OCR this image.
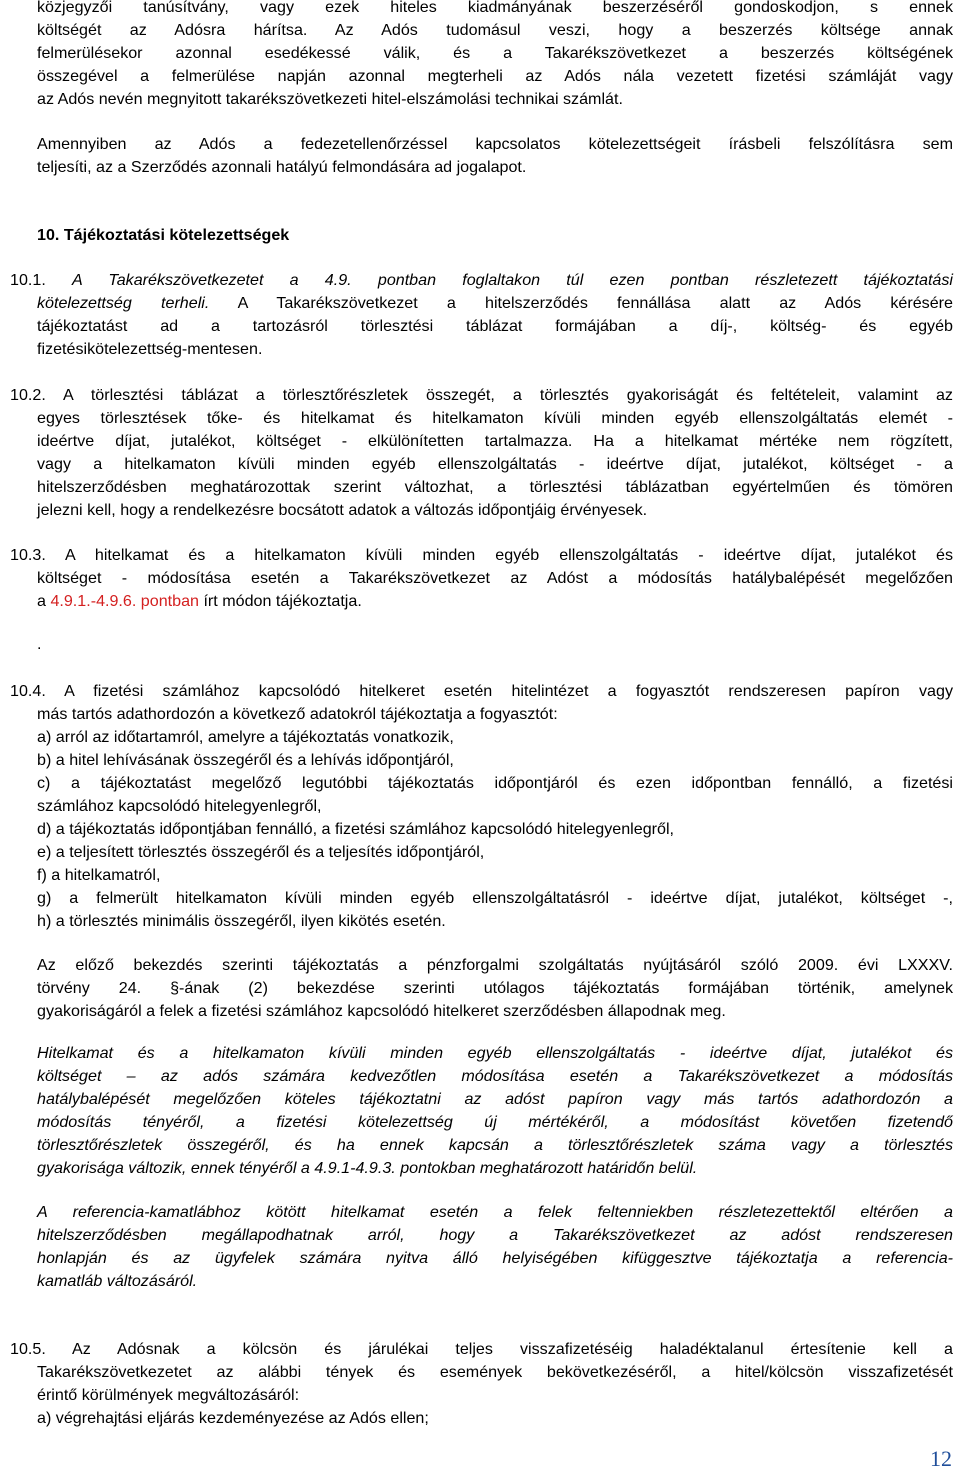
közjegyzői tanúsítvány, vagy ezek hiteles kiadmányának beszerzéséről gondoskodjon, s ennek
költségét az Adósra hárítsa. Az Adós tudomásul veszi, hogy a beszerzés költsége annak
felmerülésekor azonnal esedékessé válik, és a Takarékszövetkezet a beszerzés költségének
összegével a felmerülése napján azonnal megterheli az Adós nála vezetett fizetési számláját vagy
az Adós nevén megnyitott takarékszövetkezeti hitel-elszámolási technikai számlát.
Amennyiben az Adós a fedezetellenőrzéssel kapcsolatos kötelezettségeit írásbeli felszólításra sem
teljesíti, az a Szerződés azonnali hatályú felmondására ad jogalapot.
10. Tájékoztatási kötelezettségek
10.1. A Takarékszövetkezetet a 4.9. pontban foglaltakon túl ezen pontban részletezett tájékoztatási
kötelezettség terheli. A Takarékszövetkezet a hitelszerződés fennállása alatt az Adós kérésére
tájékoztatást ad a tartozásról törlesztési táblázat formájában a díj-, költség- és egyéb
fizetésikötelezettség-mentesen.
10.2. A törlesztési táblázat a törlesztőrészletek összegét, a törlesztés gyakoriságát és feltételeit, valamint az
egyes törlesztések tőke- és hitelkamat és hitelkamaton kívüli minden egyéb ellenszolgáltatás elemét -
ideértve díjat, jutalékot, költséget - elkülönítetten tartalmazza. Ha a hitelkamat mértéke nem rögzített,
vagy a hitelkamaton kívüli minden egyéb ellenszolgáltatás - ideértve díjat, jutalékot, költséget - a
hitelszerződésben meghatározottak szerint változhat, a törlesztési táblázatban egyértelműen és tömören
jelezni kell, hogy a rendelkezésre bocsátott adatok a változás időpontjáig érvényesek.
10.3. A hitelkamat és a hitelkamaton kívüli minden egyéb ellenszolgáltatás - ideértve díjat, jutalékot és
költséget - módosítása esetén a Takarékszövetkezet az Adóst a módosítás hatálybalépését megelőzően
a 4.9.1.-4.9.6. pontban írt módon tájékoztatja.
.
10.4. A fizetési számlához kapcsolódó hitelkeret esetén hitelintézet a fogyasztót rendszeresen papíron vagy
más tartós adathordozón a következő adatokról tájékoztatja a fogyasztót:
a) arról az időtartamról, amelyre a tájékoztatás vonatkozik,
b) a hitel lehívásának összegéről és a lehívás időpontjáról,
c) a tájékoztatást megelőző legutóbbi tájékoztatás időpontjáról és ezen időpontban fennálló, a fizetési
számlához kapcsolódó hitelegyenlegről,
d) a tájékoztatás időpontjában fennálló, a fizetési számlához kapcsolódó hitelegyenlegről,
e) a teljesített törlesztés összegéről és a teljesítés időpontjáról,
f) a hitelkamatról,
g) a felmerült hitelkamaton kívüli minden egyéb ellenszolgáltatásról - ideértve díjat, jutalékot, költséget -,
h) a törlesztés minimális összegéről, ilyen kikötés esetén.
Az előző bekezdés szerinti tájékoztatás a pénzforgalmi szolgáltatás nyújtásáról szóló 2009. évi LXXXV.
törvény 24. §-ának (2) bekezdése szerinti utólagos tájékoztatás formájában történik, amelynek
gyakoriságáról a felek a fizetési számlához kapcsolódó hitelkeret szerződésben állapodnak meg.
Hitelkamat és a hitelkamaton kívüli minden egyéb ellenszolgáltatás - ideértve díjat, jutalékot és
költséget – az adós számára kedvezőtlen módosítása esetén a Takarékszövetkezet a módosítás
hatálybalépését megelőzően köteles tájékoztatni az adóst papíron vagy más tartós adathordozón a
módosítás tényéről, a fizetési kötelezettség új mértékéről, a módosítást követően fizetendő
törlesztőrészletek összegéről, és ha ennek kapcsán a törlesztőrészletek száma vagy a törlesztés
gyakorisága változik, ennek tényéről a 4.9.1-4.9.3. pontokban meghatározott határidőn belül.
A referencia-kamatlábhoz kötött hitelkamat esetén a felek feltenniekben részletezettektől eltérően a
hitelszerződésben megállapodhatnak arról, hogy a Takarékszövetkezet az adóst rendszeresen
honlapján és az ügyfelek számára nyitva álló helyiségében kifüggesztve tájékoztatja a referencia-
kamatláb változásáról.
10.5. Az Adósnak a kölcsön és járulékai teljes visszafizetéséig haladéktalanul értesítenie kell a
Takarékszövetkezetet az alábbi tények és események bekövetkezéséről, a hitel/kölcsön visszafizetését
érintő körülmények megváltozásáról:
a) végrehajtási eljárás kezdeményezése az Adós ellen;
12
